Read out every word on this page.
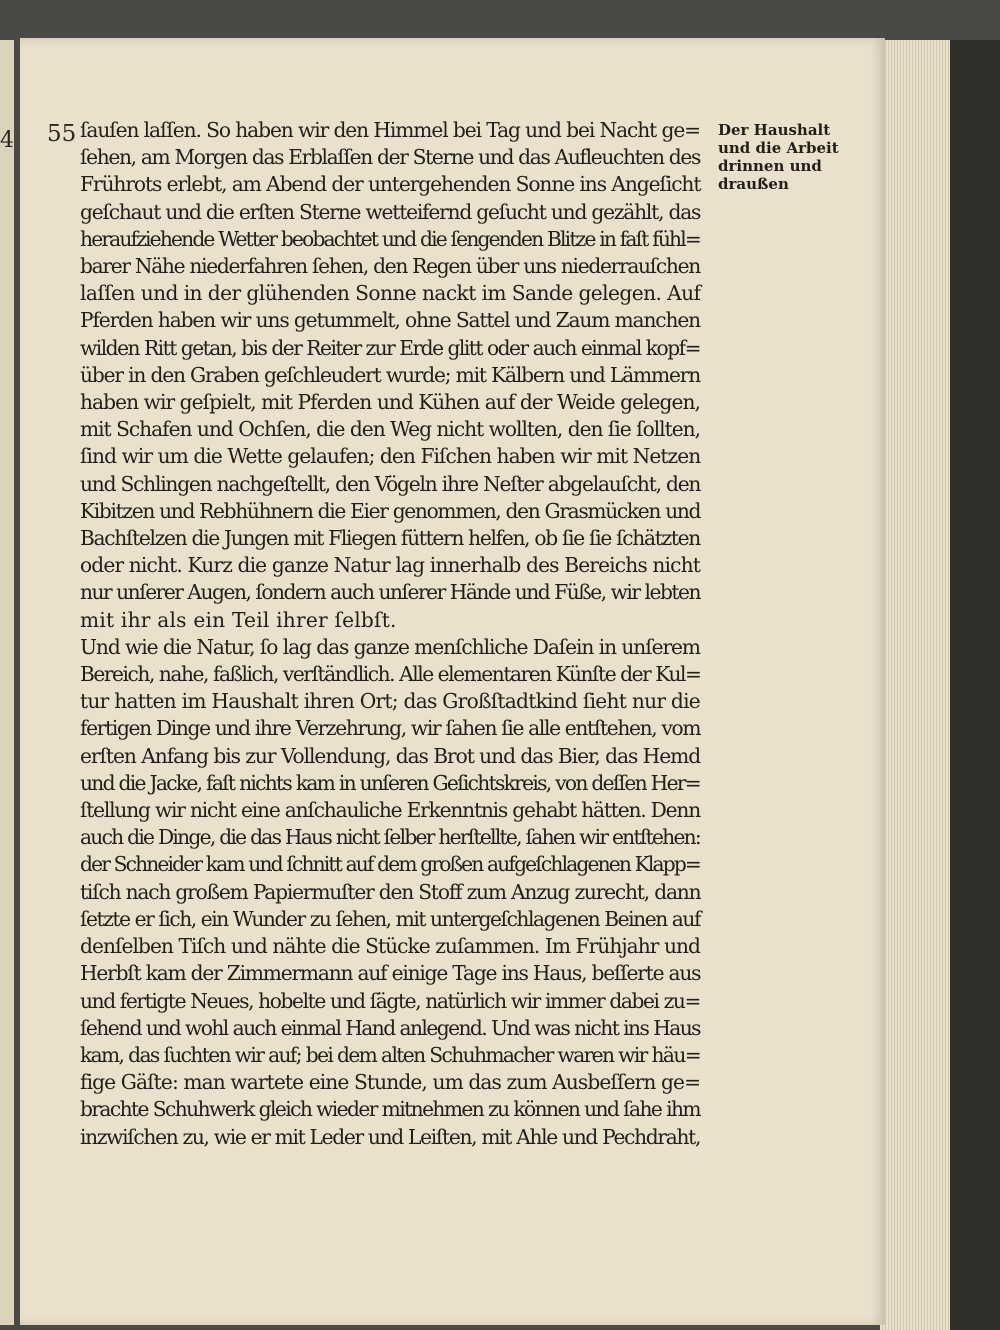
4 55	Der Haushalt
und die Arbeit
drinnen und
draußen
ſauſen laſſen. So haben wir den Himmel bei Tag und bei Nacht ge=
ſehen, am Morgen das Erblaſſen der Sterne und das Aufleuchten des
Frührots erlebt, am Abend der untergehenden Sonne ins Angeſicht
geſchaut und die erſten Sterne wetteifernd geſucht und gezählt, das
heraufziehende Wetter beobachtet und die ſengenden Blitze in faſt fühl=
barer Nähe niederfahren ſehen, den Regen über uns niederrauſchen
laſſen und in der glühenden Sonne nackt im Sande gelegen. Auf
Pferden haben wir uns getummelt, ohne Sattel und Zaum manchen
wilden Ritt getan, bis der Reiter zur Erde glitt oder auch einmal kopf=
über in den Graben geſchleudert wurde; mit Kälbern und Lämmern
haben wir geſpielt, mit Pferden und Kühen auf der Weide gelegen,
mit Schafen und Ochſen, die den Weg nicht wollten, den ſie ſollten,
ſind wir um die Wette gelaufen; den Fiſchen haben wir mit Netzen
und Schlingen nachgeſtellt, den Vögeln ihre Neſter abgelauſcht, den
Kibitzen und Rebhühnern die Eier genommen, den Grasmücken und
Bachſtelzen die Jungen mit Fliegen füttern helfen, ob ſie ſie ſchätzten
oder nicht. Kurz die ganze Natur lag innerhalb des Bereichs nicht
nur unſerer Augen, ſondern auch unſerer Hände und Füße, wir lebten
mit ihr als ein Teil ihrer ſelbſt.
Und wie die Natur, ſo lag das ganze menſchliche Daſein in unſerem
Bereich, nahe, faßlich, verſtändlich. Alle elementaren Künſte der Kul=
tur hatten im Haushalt ihren Ort; das Großſtadtkind ſieht nur die
fertigen Dinge und ihre Verzehrung, wir ſahen ſie alle entſtehen, vom
erſten Anfang bis zur Vollendung, das Brot und das Bier, das Hemd
und die Jacke, faſt nichts kam in unſeren Geſichtskreis, von deſſen Her=
ſtellung wir nicht eine anſchauliche Erkenntnis gehabt hätten. Denn
auch die Dinge, die das Haus nicht ſelber herſtellte, ſahen wir entſtehen:
der Schneider kam und ſchnitt auf dem großen aufgeſchlagenen Klapp=
tiſch nach großem Papiermuſter den Stoff zum Anzug zurecht, dann
ſetzte er ſich, ein Wunder zu ſehen, mit untergeſchlagenen Beinen auf
denſelben Tiſch und nähte die Stücke zuſammen. Im Frühjahr und
Herbſt kam der Zimmermann auf einige Tage ins Haus, beſſerte aus
und fertigte Neues, hobelte und ſägte, natürlich wir immer dabei zu=
ſehend und wohl auch einmal Hand anlegend. Und was nicht ins Haus
kam, das ſuchten wir auf; bei dem alten Schuhmacher waren wir häu=
fige Gäſte: man wartete eine Stunde, um das zum Ausbeſſern ge=
brachte Schuhwerk gleich wieder mitnehmen zu können und ſahe ihm
inzwiſchen zu, wie er mit Leder und Leiſten, mit Ahle und Pechdraht,
